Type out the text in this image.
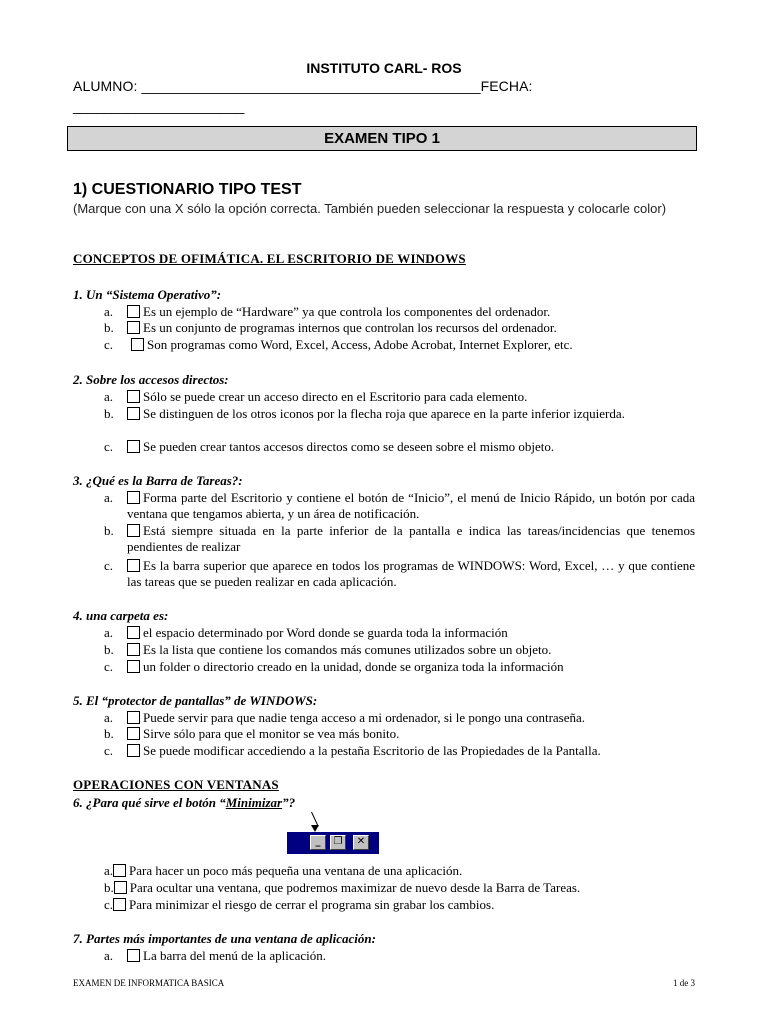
INSTITUTO CARL- ROS
ALUMNO: ___________________________________________FECHA:
______________________
EXAMEN TIPO 1
1) CUESTIONARIO TIPO TEST
(Marque con una X sólo la opción correcta. También pueden seleccionar la respuesta y colocarle color)
CONCEPTOS DE OFIMÁTICA. EL ESCRITORIO DE WINDOWS
1. Un “Sistema Operativo”:
a.	Es un ejemplo de “Hardware” ya que controla los componentes del ordenador.
b.	Es un conjunto de programas internos que controlan los recursos del ordenador.
c.	Son programas como Word, Excel, Access, Adobe Acrobat, Internet Explorer, etc.
2. Sobre los accesos directos:
a.	Sólo se puede crear un acceso directo en el Escritorio para cada elemento.
b.	Se distinguen de los otros iconos por la flecha roja que aparece en la parte inferior izquierda.
c.	Se pueden crear tantos accesos directos como se deseen sobre el mismo objeto.
3. ¿Qué es la Barra de Tareas?:
a.	Forma parte del Escritorio y contiene el botón de “Inicio”, el menú de Inicio Rápido, un botón por cada ventana que tengamos abierta, y un área de notificación.
b.	Está siempre situada en la parte inferior de la pantalla e indica las tareas/incidencias que tenemos pendientes de realizar
c.	Es la barra superior que aparece en todos los programas de WINDOWS: Word, Excel, … y que contiene las tareas que se pueden realizar en cada aplicación.
4. una carpeta es:
a.	el espacio determinado por Word donde se guarda toda la información
b.	Es la lista que contiene los comandos más comunes utilizados sobre un objeto.
c.	un folder o directorio creado en la unidad, donde se organiza toda la información
5. El “protector de pantallas” de WINDOWS:
a.	Puede servir para que nadie tenga acceso a mi ordenador, si le pongo una contraseña.
b.	Sirve sólo para que el monitor se vea más bonito.
c.	Se puede modificar accediendo a la pestaña Escritorio de las Propiedades de la Pantalla.
OPERACIONES CON VENTANAS
6. ¿Para qué sirve el botón “Minimizar”?
_	❐	✕
a. Para hacer un poco más pequeña una ventana de una aplicación.
b. Para ocultar una ventana, que podremos maximizar de nuevo desde la Barra de Tareas.
c. Para minimizar el riesgo de cerrar el programa sin grabar los cambios.
7. Partes más importantes de una ventana de aplicación:
a.	La barra del menú de la aplicación.
EXAMEN DE INFORMATICA BASICA	1 de 3
